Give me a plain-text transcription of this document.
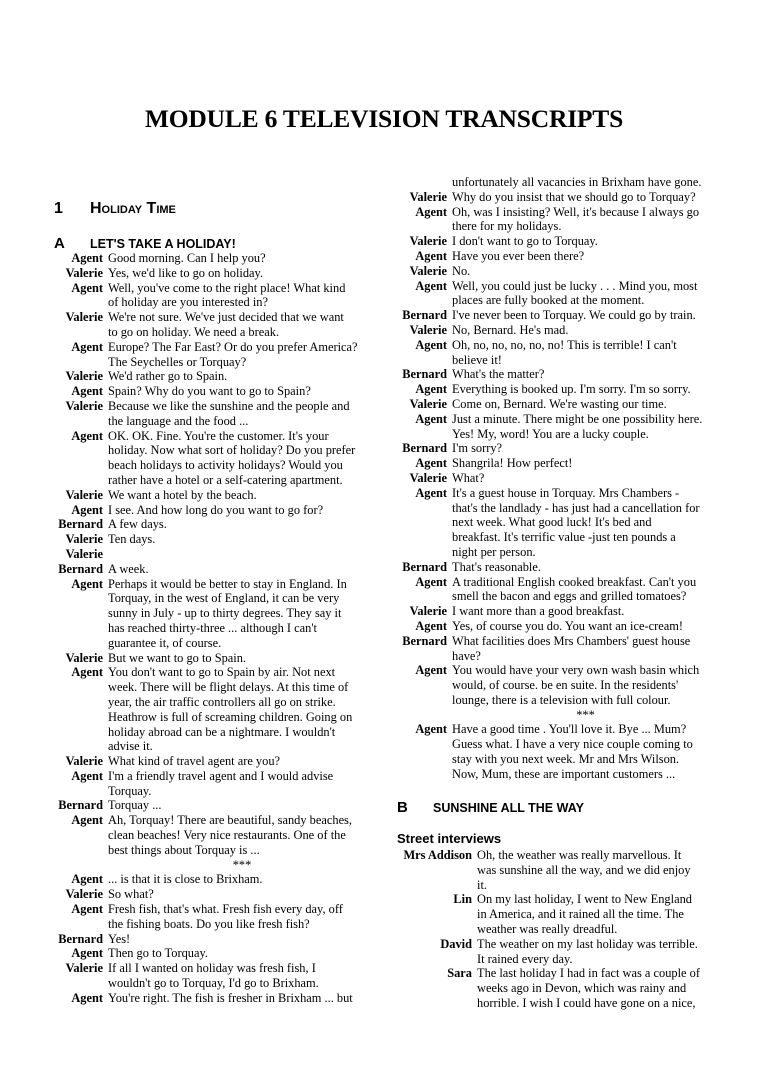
MODULE 6 TELEVISION TRANSCRIPTS
1 Holiday Time
A LET'S TAKE A HOLIDAY!
Agent Good morning. Can I help you?
Valerie Yes, we'd like to go on holiday.
Agent Well, you've come to the right place! What kind
of holiday are you interested in?
Valerie We're not sure. We've just decided that we want
to go on holiday. We need a break.
Agent Europe? The Far East? Or do you prefer America?
The Seychelles or Torquay?
Valerie We'd rather go to Spain.
Agent Spain? Why do you want to go to Spain?
Valerie Because we like the sunshine and the people and
the language and the food ...
Agent OK. OK. Fine. You're the customer. It's your
holiday. Now what sort of holiday? Do you prefer
beach holidays to activity holidays? Would you
rather have a hotel or a self-catering apartment.
Valerie We want a hotel by the beach.
Agent I see. And how long do you want to go for?
Bernard A few days.
Valerie Ten days.
Valerie
Bernard A week.
Agent Perhaps it would be better to stay in England. In
Torquay, in the west of England, it can be very
sunny in July - up to thirty degrees. They say it
has reached thirty-three ... although I can't
guarantee it, of course.
Valerie But we want to go to Spain.
Agent You don't want to go to Spain by air. Not next
week. There will be flight delays. At this time of
year, the air traffic controllers all go on strike.
Heathrow is full of screaming children. Going on
holiday abroad can be a nightmare. I wouldn't
advise it.
Valerie What kind of travel agent are you?
Agent I'm a friendly travel agent and I would advise
Torquay.
Bernard Torquay ...
Agent Ah, Torquay! There are beautiful, sandy beaches,
clean beaches! Very nice restaurants. One of the
best things about Torquay is ...
***
Agent ... is that it is close to Brixham.
Valerie So what?
Agent Fresh fish, that's what. Fresh fish every day, off
the fishing boats. Do you like fresh fish?
Bernard Yes!
Agent Then go to Torquay.
Valerie If all I wanted on holiday was fresh fish, I
wouldn't go to Torquay, I'd go to Brixham.
Agent You're right. The fish is fresher in Brixham ... but
unfortunately all vacancies in Brixham have gone.
Valerie Why do you insist that we should go to Torquay?
Agent Oh, was I insisting? Well, it's because I always go
there for my holidays.
Valerie I don't want to go to Torquay.
Agent Have you ever been there?
Valerie No.
Agent Well, you could just be lucky . . . Mind you, most
places are fully booked at the moment.
Bernard I've never been to Torquay. We could go by train.
Valerie No, Bernard. He's mad.
Agent Oh, no, no, no, no, no! This is terrible! I can't
believe it!
Bernard What's the matter?
Agent Everything is booked up. I'm sorry. I'm so sorry.
Valerie Come on, Bernard. We're wasting our time.
Agent Just a minute. There might be one possibility here.
Yes! My, word! You are a lucky couple.
Bernard I'm sorry?
Agent Shangrila! How perfect!
Valerie What?
Agent It's a guest house in Torquay. Mrs Chambers -
that's the landlady - has just had a cancellation for
next week. What good luck! It's bed and
breakfast. It's terrific value -just ten pounds a
night per person.
Bernard That's reasonable.
Agent A traditional English cooked breakfast. Can't you
smell the bacon and eggs and grilled tomatoes?
Valerie I want more than a good breakfast.
Agent Yes, of course you do. You want an ice-cream!
Bernard What facilities does Mrs Chambers' guest house
have?
Agent You would have your very own wash basin which
would, of course. be en suite. In the residents'
lounge, there is a television with full colour.
***
Agent Have a good time . You'll love it. Bye ... Mum?
Guess what. I have a very nice couple coming to
stay with you next week. Mr and Mrs Wilson.
Now, Mum, these are important customers ...
B SUNSHINE ALL THE WAY
Street interviews
Mrs Addison Oh, the weather was really marvellous. It
was sunshine all the way, and we did enjoy
it.
Lin On my last holiday, I went to New England
in America, and it rained all the time. The
weather was really dreadful.
David The weather on my last holiday was terrible.
It rained every day.
Sara The last holiday I had in fact was a couple of
weeks ago in Devon, which was rainy and
horrible. I wish I could have gone on a nice,
